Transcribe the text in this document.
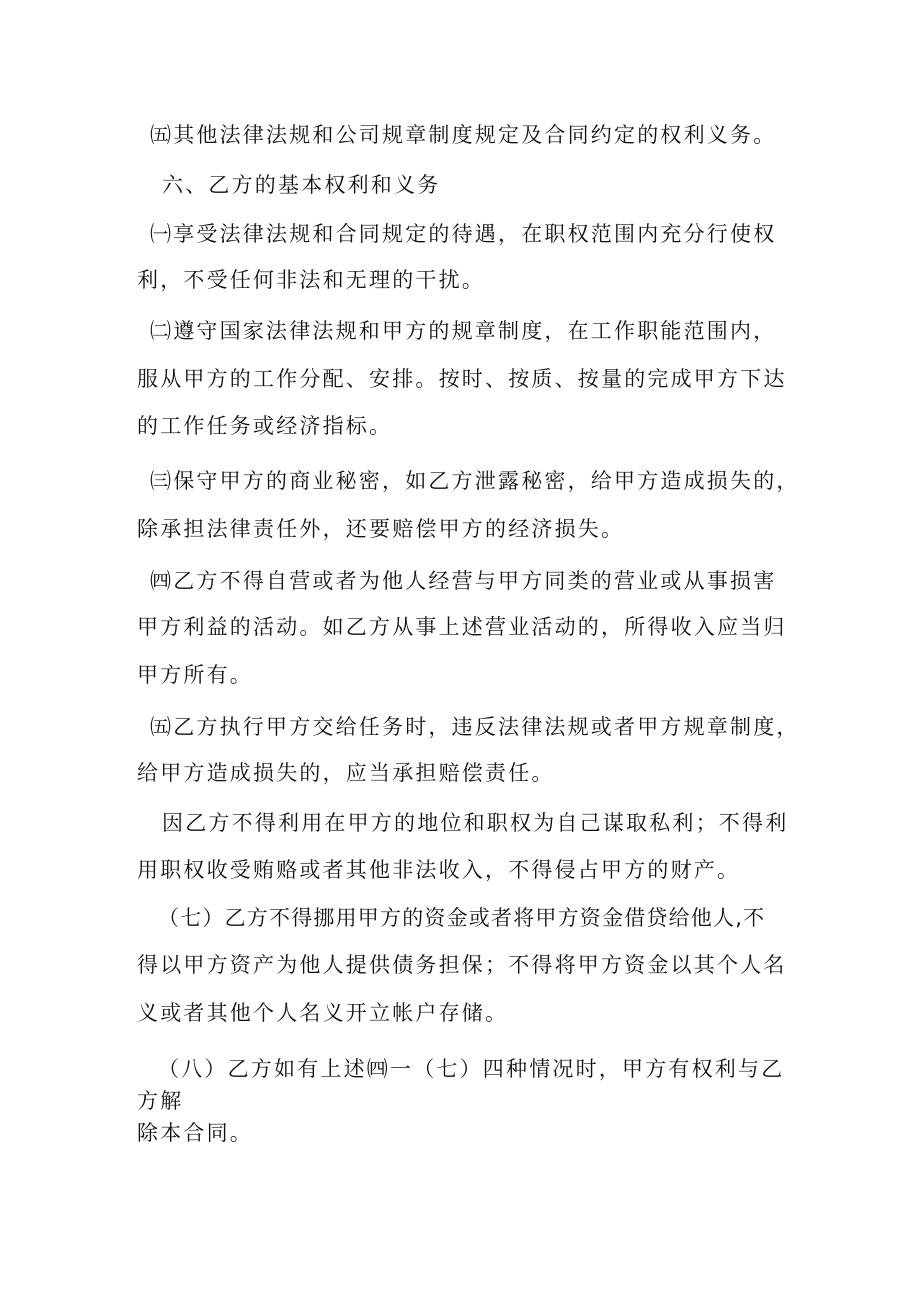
㈤其他法律法规和公司规章制度规定及合同约定的权利义务。
六、乙方的基本权利和义务
㈠享受法律法规和合同规定的待遇，在职权范围内充分行使权
利，不受任何非法和无理的干扰。
㈡遵守国家法律法规和甲方的规章制度，在工作职能范围内，
服从甲方的工作分配、安排。按时、按质、按量的完成甲方下达
的工作任务或经济指标。
㈢保守甲方的商业秘密，如乙方泄露秘密，给甲方造成损失的，
除承担法律责任外，还要赔偿甲方的经济损失。
㈣乙方不得自营或者为他人经营与甲方同类的营业或从事损害
甲方利益的活动。如乙方从事上述营业活动的，所得收入应当归
甲方所有。
㈤乙方执行甲方交给任务时，违反法律法规或者甲方规章制度，
给甲方造成损失的，应当承担赔偿责任。
因乙方不得利用在甲方的地位和职权为自己谋取私利；不得利
用职权收受贿赂或者其他非法收入，不得侵占甲方的财产。
（七）乙方不得挪用甲方的资金或者将甲方资金借贷给他人,不
得以甲方资产为他人提供债务担保；不得将甲方资金以其个人名
义或者其他个人名义开立帐户存储。
（八）乙方如有上述㈣一（七）四种情况时，甲方有权利与乙
方解
除本合同。
